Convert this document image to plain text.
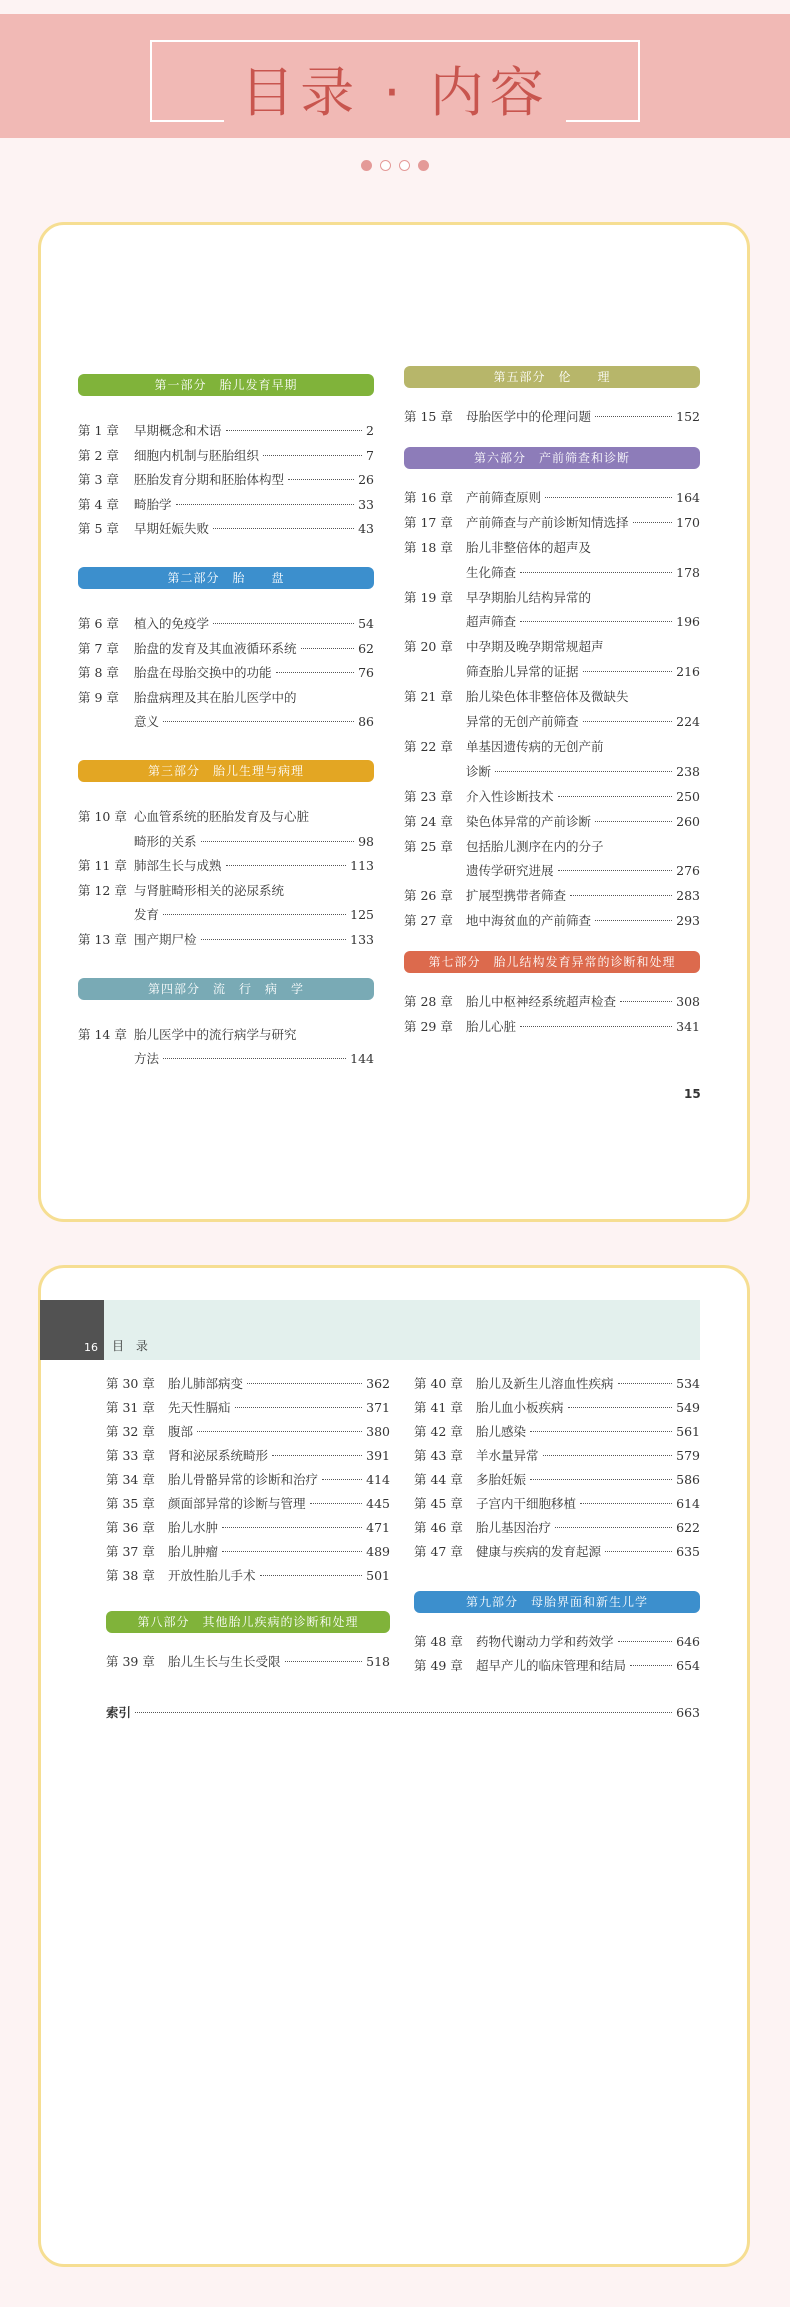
目录 · 内容
15
16 目 录
第一部分　胎儿发育早期
第 1 章	早期概念和术语	2
第 2 章	细胞内机制与胚胎组织	7
第 3 章	胚胎发育分期和胚胎体构型	26
第 4 章	畸胎学	33
第 5 章	早期妊娠失败	43
第二部分　胎　　盘
第 6 章	植入的免疫学	54
第 7 章	胎盘的发育及其血液循环系统	62
第 8 章	胎盘在母胎交换中的功能	76
第 9 章	胎盘病理及其在胎儿医学中的
意义	86
第三部分　胎儿生理与病理
第 10 章 心血管系统的胚胎发育及与心脏
畸形的关系	98
第 11 章 肺部生长与成熟	113
第 12 章 与肾脏畸形相关的泌尿系统
发育	125
第 13 章 围产期尸检	133
第四部分　流　行　病　学
第 14 章 胎儿医学中的流行病学与研究
方法	144
第五部分　伦　　理
第 15 章	母胎医学中的伦理问题	152
第六部分　产前筛查和诊断
第 16 章	产前筛查原则	164
第 17 章	产前筛查与产前诊断知情选择	170
第 18 章	胎儿非整倍体的超声及
生化筛查	178
第 19 章	早孕期胎儿结构异常的
超声筛查	196
第 20 章	中孕期及晚孕期常规超声
筛查胎儿异常的证据	216
第 21 章	胎儿染色体非整倍体及微缺失
异常的无创产前筛查	224
第 22 章	单基因遗传病的无创产前
诊断	238
第 23 章	介入性诊断技术	250
第 24 章	染色体异常的产前诊断	260
第 25 章	包括胎儿测序在内的分子
遗传学研究进展	276
第 26 章	扩展型携带者筛查	283
第 27 章	地中海贫血的产前筛查	293
第七部分　胎儿结构发育异常的诊断和处理
第 28 章	胎儿中枢神经系统超声检查	308
第 29 章	胎儿心脏	341
第 30 章	胎儿肺部病变	362
第 31 章	先天性膈疝	371
第 32 章	腹部	380
第 33 章	肾和泌尿系统畸形	391
第 34 章	胎儿骨骼异常的诊断和治疗	414
第 35 章	颜面部异常的诊断与管理	445
第 36 章	胎儿水肿	471
第 37 章	胎儿肿瘤	489
第 38 章	开放性胎儿手术	501
第八部分　其他胎儿疾病的诊断和处理
第 39 章	胎儿生长与生长受限	518
第 40 章	胎儿及新生儿溶血性疾病	534
第 41 章	胎儿血小板疾病	549
第 42 章	胎儿感染	561
第 43 章	羊水量异常	579
第 44 章	多胎妊娠	586
第 45 章	子宫内干细胞移植	614
第 46 章	胎儿基因治疗	622
第 47 章	健康与疾病的发育起源	635
第九部分　母胎界面和新生儿学
第 48 章	药物代谢动力学和药效学	646
第 49 章	超早产儿的临床管理和结局	654
索引	663
